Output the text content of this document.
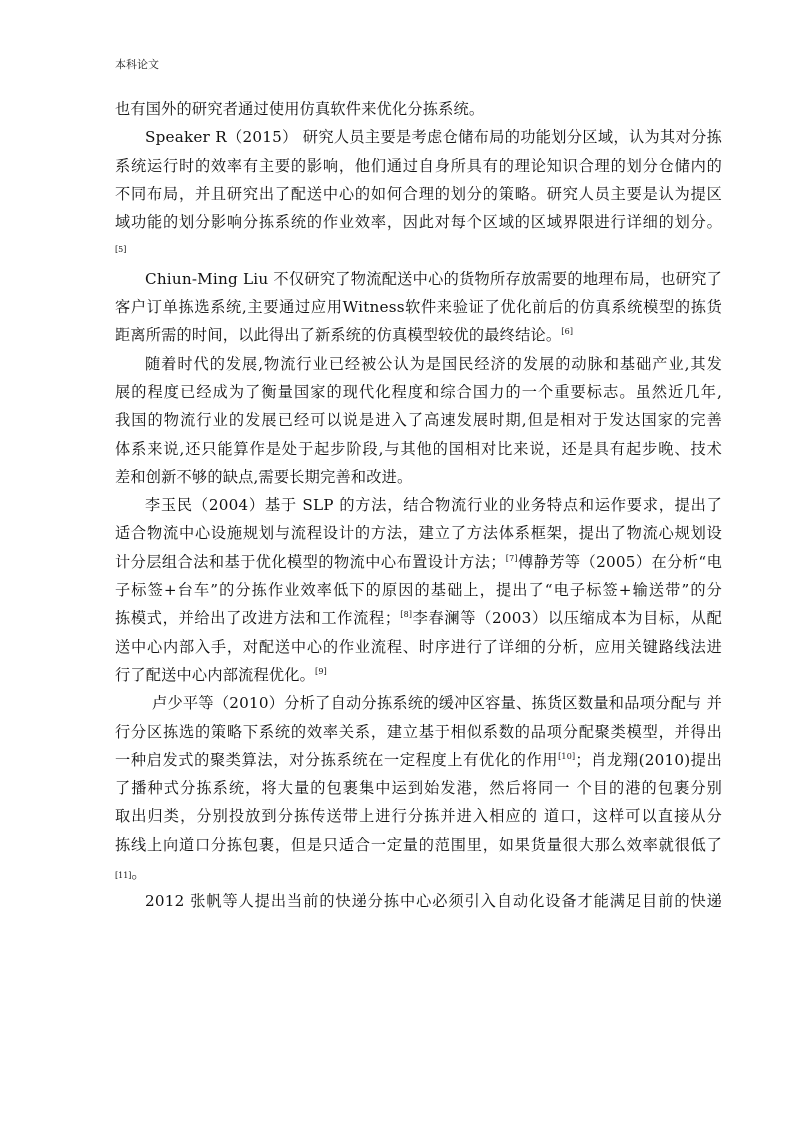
本科论文
也有国外的研究者通过使用仿真软件来优化分拣系统。
Speaker R（2015） 研究人员主要是考虑仓储布局的功能划分区域，认为其对分拣
系统运行时的效率有主要的影响，他们通过自身所具有的理论知识合理的划分仓储内的
不同布局，并且研究出了配送中心的如何合理的划分的策略。研究人员主要是认为提区
域功能的划分影响分拣系统的作业效率，因此对每个区域的区域界限进行详细的划分。
[5]
Chiun-Ming Liu 不仅研究了物流配送中心的货物所存放需要的地理布局，也研究了
客户订单拣选系统,主要通过应用Witness软件来验证了优化前后的仿真系统模型的拣货
距离所需的时间，以此得出了新系统的仿真模型较优的最终结论。[6]
随着时代的发展,物流行业已经被公认为是国民经济的发展的动脉和基础产业,其发
展的程度已经成为了衡量国家的现代化程度和综合国力的一个重要标志。虽然近几年,
我国的物流行业的发展已经可以说是进入了高速发展时期,但是相对于发达国家的完善
体系来说,还只能算作是处于起步阶段,与其他的国相对比来说，还是具有起步晚、技术
差和创新不够的缺点,需要长期完善和改进。
李玉民（2004）基于 SLP 的方法，结合物流行业的业务特点和运作要求，提出了
适合物流中心设施规划与流程设计的方法，建立了方法体系框架，提出了物流心规划设
计分层组合法和基于优化模型的物流中心布置设计方法；[7]傅静芳等（2005）在分析“电
子标签+台车”的分拣作业效率低下的原因的基础上，提出了“电子标签+输送带”的分
拣模式，并给出了改进方法和工作流程；[8]李春澜等（2003）以压缩成本为目标，从配
送中心内部入手，对配送中心的作业流程、时序进行了详细的分析，应用关键路线法进
行了配送中心内部流程优化。[9]
卢少平等（2010）分析了自动分拣系统的缓冲区容量、拣货区数量和品项分配与 并
行分区拣选的策略下系统的效率关系，建立基于相似系数的品项分配聚类模型，并得出
一种启发式的聚类算法，对分拣系统在一定程度上有优化的作用[10]；肖龙翔(2010)提出
了播种式分拣系统，将大量的包裹集中运到始发港，然后将同一 个目的港的包裹分别
取出归类，分别投放到分拣传送带上进行分拣并进入相应的 道口，这样可以直接从分
拣线上向道口分拣包裹，但是只适合一定量的范围里，如果货量很大那么效率就很低了
[11]。
2012 张帆等人提出当前的快递分拣中心必须引入自动化设备才能满足目前的快递
